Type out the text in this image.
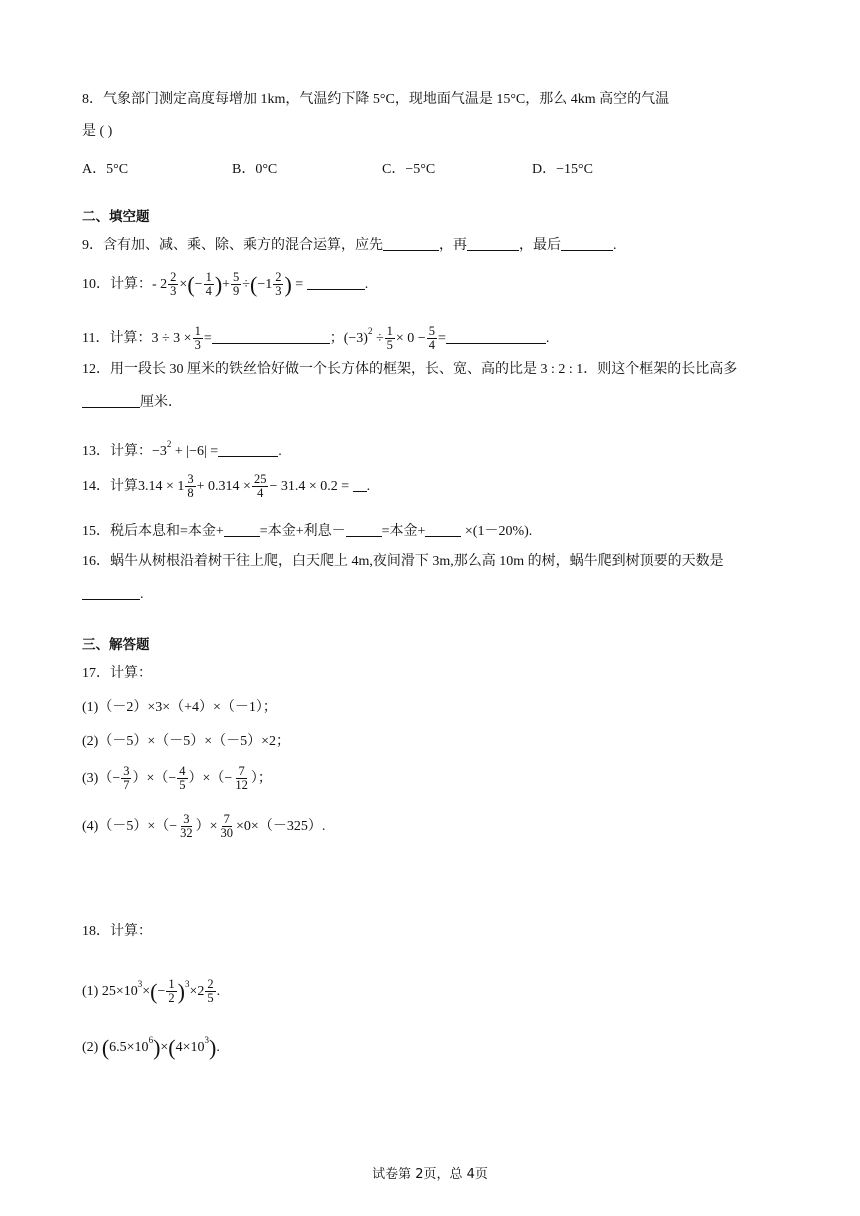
8．气象部门测定高度每增加 1km，气温约下降 5°C，现地面气温是 15°C，那么 4km 高空的气温
是 ( )
A．5°C	B．0°C	C．−5°C	D．−15°C
二、填空题
9．含有加、减、乘、除、乘方的混合运算，应先	，再	，最后	.
10．计算：- $2 \frac{2}{3}$ ×(− $\frac{1}{4}$ )+ $\frac{5}{9} \div(-1 \frac{2}{3}$ ) =	.
11．计算：$3 \div 3 \times \frac{1}{3}$ =	；$(-3)^2 \div \frac{1}{5} \times 0 - \frac{5}{4}$ =	.
12．用一段长 30 厘米的铁丝恰好做一个长方体的框架，长、宽、高的比是 3 : 2 : 1．则这个框架的长比高多
厘米．
13．计算：$-3^2 + |-6|$ =	.
14．计算$3.14 \times 1 \frac{3}{8} + 0.314 \times \frac{25}{4} - 31.4 \times 0.2$ = .
15．税后本息和=本金+	=本金+利息－	=本金+	×(1－20%).
16．蜗牛从树根沿着树干往上爬，白天爬上 4m,夜间滑下 3m,那么高 10m 的树，蜗牛爬到树顶要的天数是
.
三、解答题
17．计算：
(1)（－2）×3×（+4）×（－1）；
(2)（－5）×（－5）×（－5）×2；
$(3)(- \frac{3}{7}$ ）×（− $\frac{4}{5}$ ）×（− $\frac{7}{12}$ ）；
$(4)(-5)\times(- \frac{3}{32}$ ）× $\frac{7}{30} \times 0\times(-325)$.
18．计算：
(1) $25\times 10^3\times(- \frac{1}{2} )^3\times 2 \frac{2}{5}$ .
(2) $(6.5\times 10^6)\times(4\times 10^3)$.
试卷第 2页，总 4页
